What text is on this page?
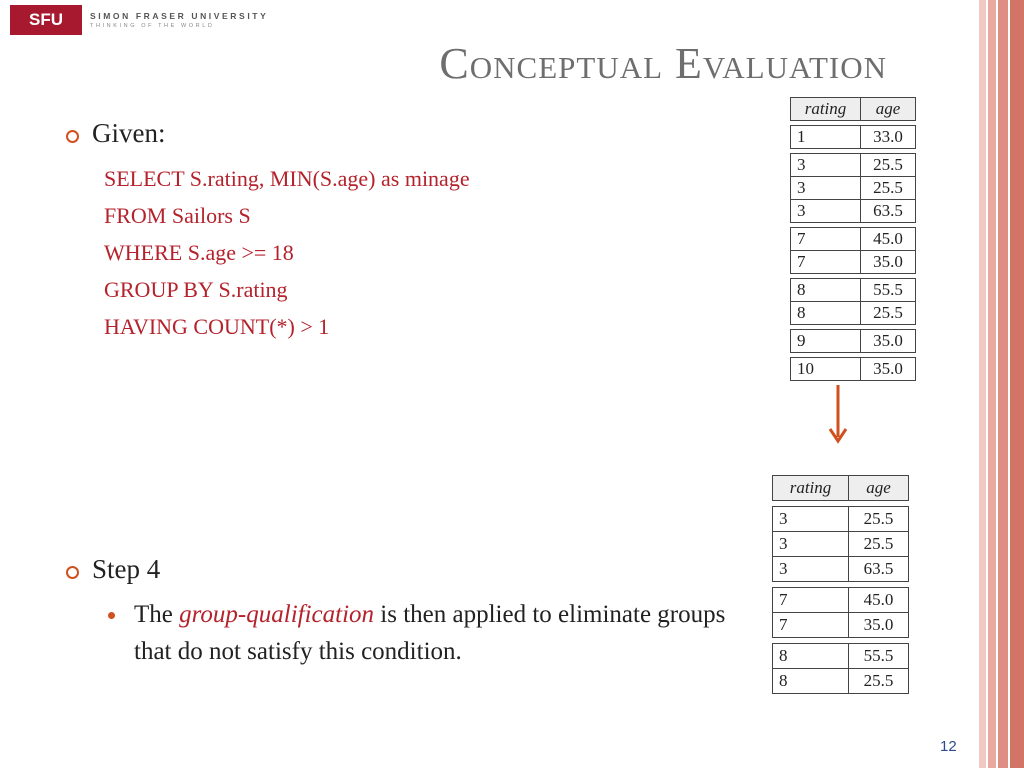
SFU	SIMON FRASER UNIVERSITY
THINKING OF THE WORLD
Conceptual Evaluation
Given:
SELECT S.rating, MIN(S.age) as minage
FROM Sailors S
WHERE S.age >= 18
GROUP BY S.rating
HAVING COUNT(*) > 1
Step 4
The group-qualification is then applied to eliminate groups that do not satisfy this condition.
rating	age
1	33.0
3	25.5
3	25.5
3	63.5
7	45.0
7	35.0
8	55.5
8	25.5
9	35.0
10	35.0
rating	age
3	25.5
3	25.5
3	63.5
7	45.0
7	35.0
8	55.5
8	25.5
12
